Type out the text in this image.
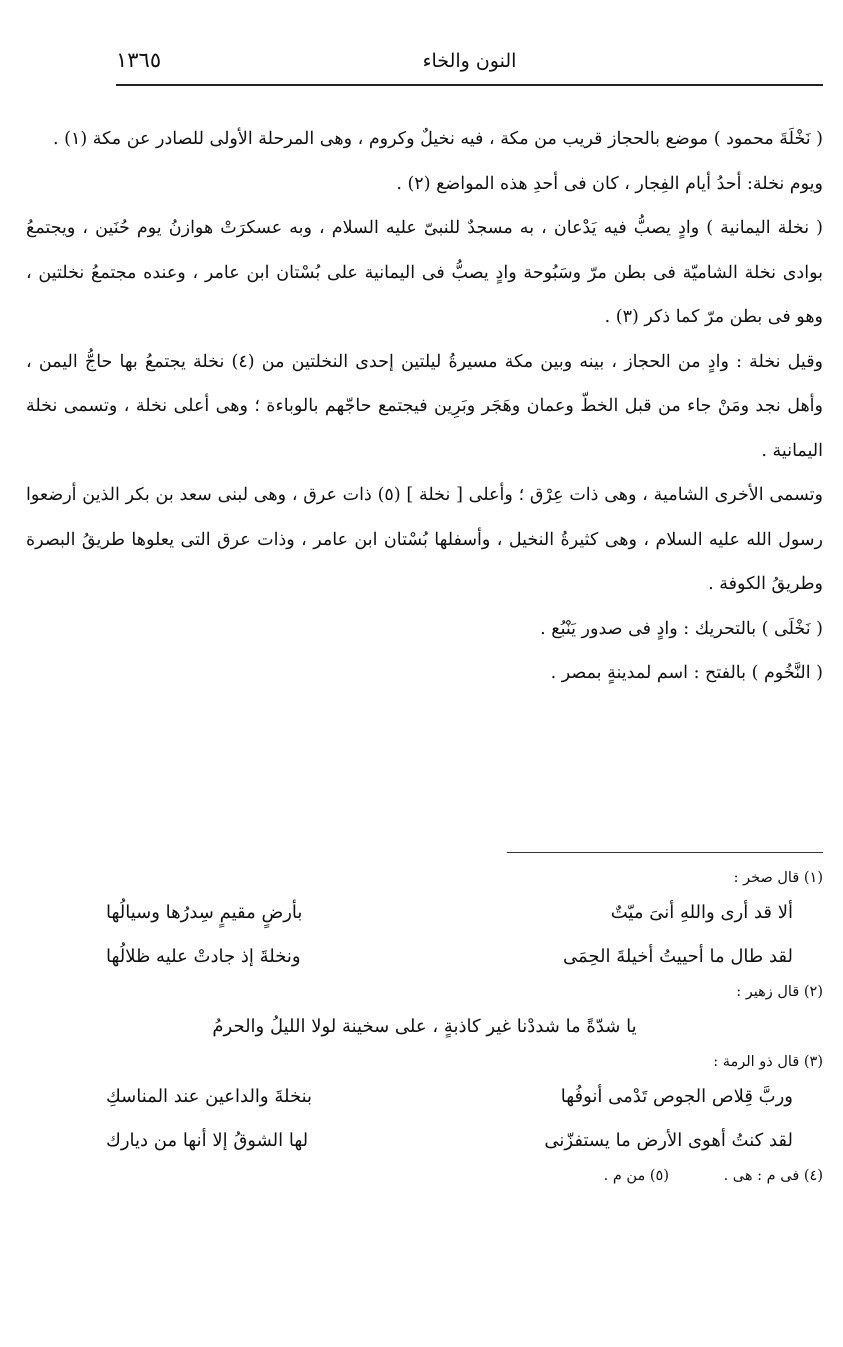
النون والخاء
١٣٦٥

( نَخْلَةَ محمود ) موضع بالحجاز قريب من مكة ، فيه نخيلٌ وكروم ، وهى المرحلة الأولى للصادر عن مكة (١) .

ويوم نخلة: أحدُ أيام الفِجار ، كان فى أحدِ هذه المواضع (٢) .

( نخلة اليمانية ) وادٍ يصبُّ فيه يَدْعان ، به مسجدٌ للنبىّ عليه السلام ، وبه عسكرَتْ هوازنُ يوم حُنَين ، ويجتمعُ بوادى نخلة الشاميّة فى بطن مرّ وسَبُوحة وادٍ يصبُّ فى اليمانية على بُسْتان ابن عامر ، وعنده مجتمعُ نخلتين ، وهو فى بطن مرّ كما ذكر (٣) .

وقيل نخلة : وادٍ من الحجاز ، بينه وبين مكة مسيرةُ ليلتين إحدى النخلتين من (٤) نخلة يجتمعُ بها حاجُّ اليمن ، وأهل نجد ومَنْ جاء من قبل الخطّ وعمان وهَجَر وبَرِين فيجتمع حاجّهم بالوباءة ؛ وهى أعلى نخلة ، وتسمى نخلة اليمانية .

وتسمى الأخرى الشامية ، وهى ذات عِرْق ؛ وأعلى [ نخلة ] (٥) ذات عرق ، وهى لبنى سعد بن بكر الذين أرضعوا رسول الله عليه السلام ، وهى كثيرةُ النخيل ، وأسفلها بُسْتان ابن عامر ، وذات عرق التى يعلوها طريقُ البصرة وطريقُ الكوفة .

( نَخْلَى ) بالتحريك : وادٍ فى صدور يَنْبُع .

( النَّخُوم ) بالفتح : اسم لمدينةٍ بمصر .

(١) قال صخر :
ألا قد أرى واللهِ أنىَ ميّتٌ
بأرضٍ مقيمٍ سِدرُها وسيالُها
لقد طال ما أحييتُ أخيلةَ الحِمَى
ونخلةَ إذ جادتْ عليه ظلالُها
(٢) قال زهير :
يا شدّةً ما شددْنا غير كاذبةٍ ، على سخينة لولا الليلُ والحرمُ
(٣) قال ذو الرمة :
وربَّ قِلاص الجوص تَدْمى أنوفُها
بنخلةَ والداعين عند المناسكِ
لقد كنتُ أهوى الأرض ما يستفزّنى
لها الشوقُ إلا أنها من ديارك
(٤) فى م : هى . (٥) من م .
